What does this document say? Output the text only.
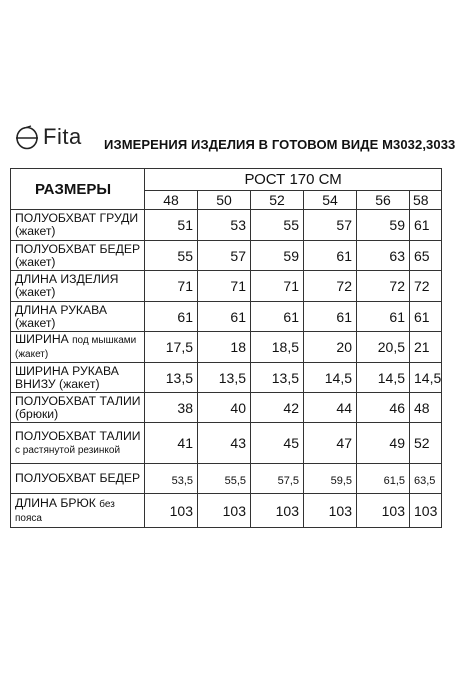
Fita ИЗМЕРЕНИЯ ИЗДЕЛИЯ В ГОТОВОМ ВИДЕ М3032,3033
РАЗМЕРЫ	РОСТ 170 СМ					
	48	50	52	54	56	58
ПОЛУОБХВАТ ГРУДИ (жакет)	51	53	55	57	59	61
ПОЛУОБХВАТ БЕДЕР (жакет)	55	57	59	61	63	65
ДЛИНА ИЗДЕЛИЯ (жакет)	71	71	71	72	72	72
ДЛИНА РУКАВА (жакет)	61	61	61	61	61	61
ШИРИНА под мышками (жакет)	17,5	18	18,5	20	20,5	21
ШИРИНА РУКАВА ВНИЗУ (жакет)	13,5	13,5	13,5	14,5	14,5	14,5
ПОЛУОБХВАТ ТАЛИИ (брюки)	38	40	42	44	46	48
ПОЛУОБХВАТ ТАЛИИ с растянутой резинкой	41	43	45	47	49	52
ПОЛУОБХВАТ БЕДЕР	53,5	55,5	57,5	59,5	61,5	63,5
ДЛИНА БРЮК без пояса	103	103	103	103	103	103
